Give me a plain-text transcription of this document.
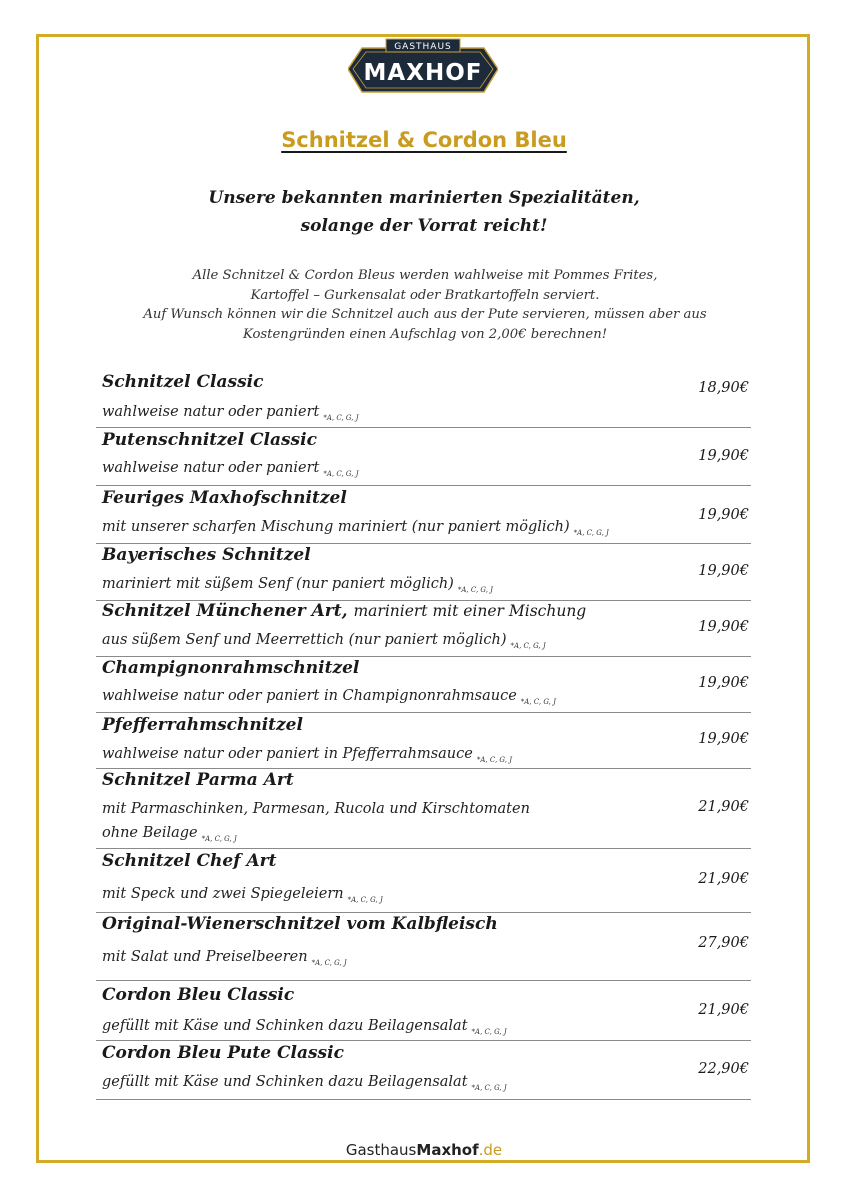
GASTHAUS
MAXHOF
Schnitzel & Cordon Bleu
Unsere bekannten marinierten Spezialitäten,
solange der Vorrat reicht!
Alle Schnitzel & Cordon Bleus werden wahlweise mit Pommes Frites,
Kartoffel – Gurkensalat oder Bratkartoffeln serviert.
Auf Wunsch können wir die Schnitzel auch aus der Pute servieren, müssen aber aus
Kostengründen einen Aufschlag von 2,00€ berechnen!
Schnitzel Classic
wahlweise natur oder paniert $_{*A, C, G, J}$
18,90€
Putenschnitzel Classic
wahlweise natur oder paniert $_{*A, C, G, J}$
19,90€
Feuriges Maxhofschnitzel
mit unserer scharfen Mischung mariniert (nur paniert möglich) $_{*A, C, G, J}$
19,90€
Bayerisches Schnitzel
mariniert mit süßem Senf (nur paniert möglich) $_{*A, C, G, J}$
19,90€
Schnitzel Münchener Art, mariniert mit einer Mischung
aus süßem Senf und Meerrettich (nur paniert möglich) $_{*A, C, G, J}$
19,90€
Champignonrahmschnitzel
wahlweise natur oder paniert in Champignonrahmsauce $_{*A, C, G, J}$
19,90€
Pfefferrahmschnitzel
wahlweise natur oder paniert in Pfefferrahmsauce $_{*A, C, G, J}$
19,90€
Schnitzel Parma Art
mit Parmaschinken, Parmesan, Rucola und Kirschtomaten
ohne Beilage $_{*A, C, G, J}$
21,90€
Schnitzel Chef Art
mit Speck und zwei Spiegeleiern $_{*A, C, G, J}$
21,90€
Original-Wienerschnitzel vom Kalbfleisch
mit Salat und Preiselbeeren $_{*A, C, G, J}$
27,90€
Cordon Bleu Classic
gefüllt mit Käse und Schinken dazu Beilagensalat $_{*A, C, G, J}$
21,90€
Cordon Bleu Pute Classic
gefüllt mit Käse und Schinken dazu Beilagensalat $_{*A, C, G, J}$
22,90€
GasthausMaxhof.de
